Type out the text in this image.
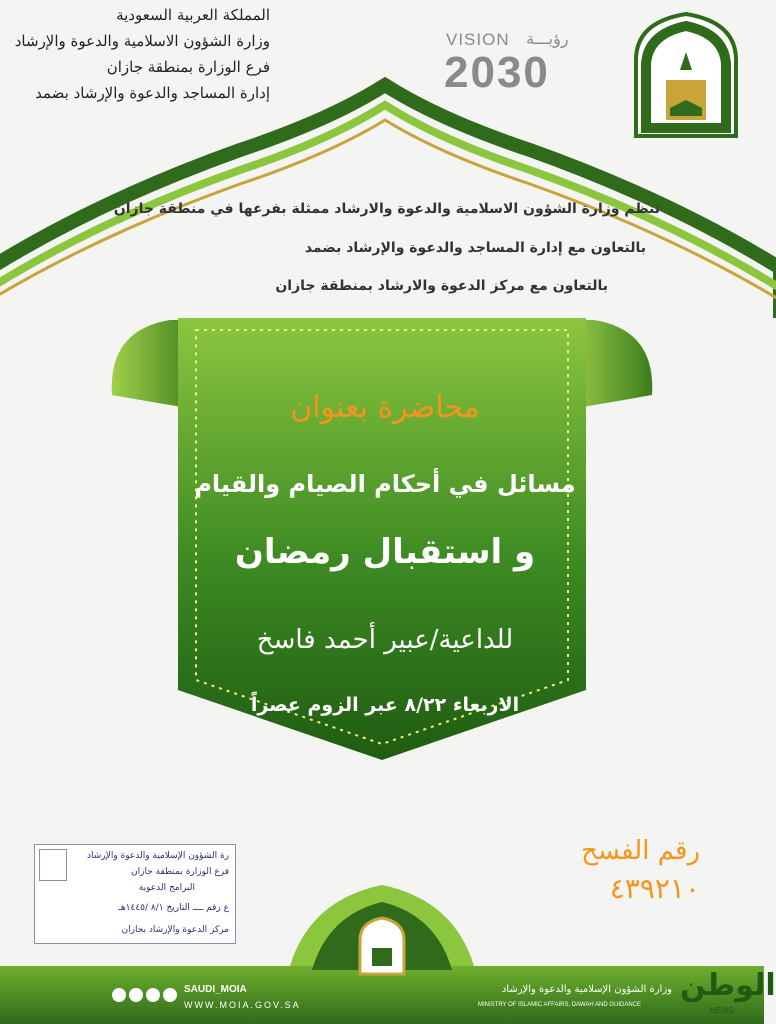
VISION رؤيـــة
2030
المملكة العربية السعودية
وزارة الشؤون الاسلامية والدعوة والإرشاد
فرع الوزارة بمنطقة جازان
إدارة المساجد والدعوة والإرشاد بضمد
تنظم وزارة الشؤون الاسلامية والدعوة والارشاد ممثلة بفرعها في منطقة جازان
بالتعاون مع إدارة المساجد والدعوة والإرشاد بضمد
بالتعاون مع مركز الدعوة والارشاد بمنطقة جازان
محاضرة بعنوان
مسائل في أحكام الصيام والقيام
و استقبال رمضان
للداعية/عبير أحمد فاسخ
الاربعاء ٨/٢٢ عبر الزوم عصراً
رقم الفسح
٤٣٩٢١٠
رة الشؤون الإسلامية والدعوة والإرشاد
فرع الوزارة بمنطقة جازان
البرامج الدعوية
ع رقم ــــ التاريخ ٨/١ /١٤٤٥هـ
مركز الدعوة والإرشاد بجازان
SAUDI_MOIA
WWW.MOIA.GOV.SA
وزارة الشؤون الإسلامية والدعوة والإرشاد
MINISTRY OF ISLAMIC AFFAIRS, DAWAH AND GUIDANCE
الوطن
NEWS
